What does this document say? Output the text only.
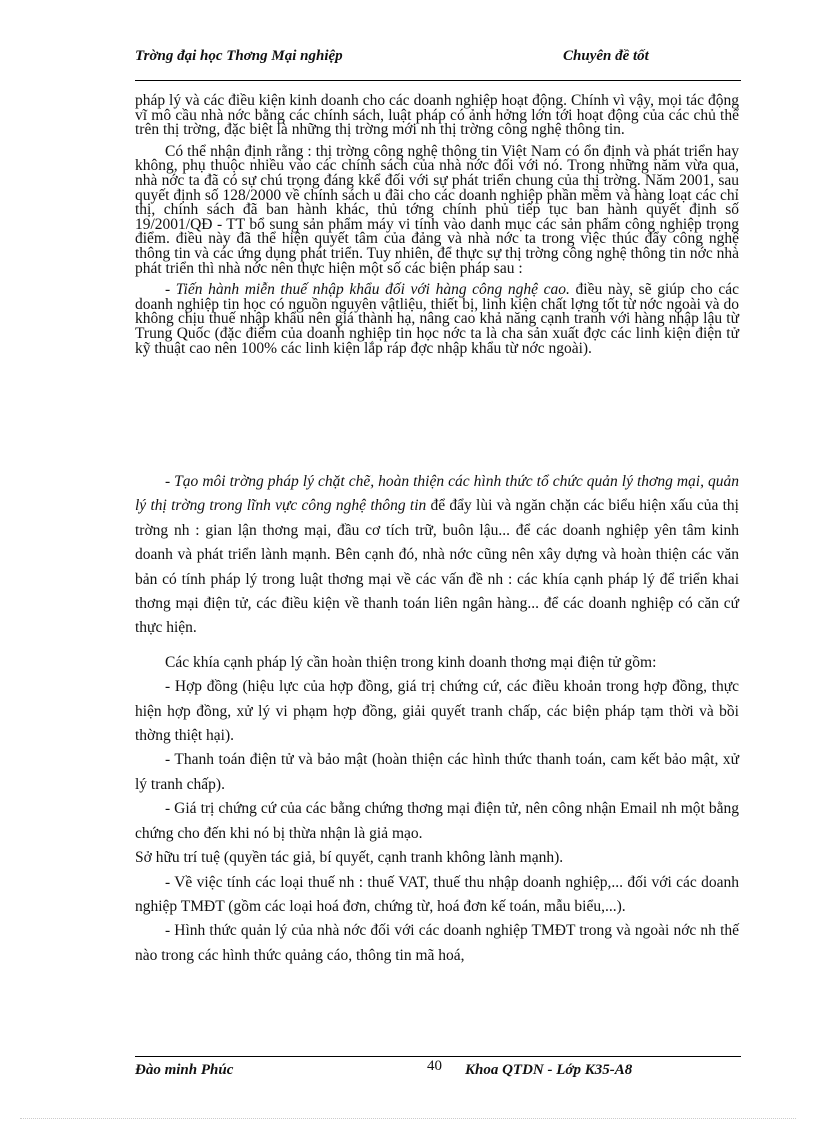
Trờng đại học Thơng Mại nghiệp	Chuyên đề tốt

pháp lý và các điều kiện kinh doanh cho các doanh nghiệp hoạt động. Chính vì vậy, mọi tác động vĩ mô cầu nhà nớc bằng các chính sách, luật pháp có ảnh hởng lớn tới hoạt động của các chủ thể trên thị trờng, đặc biệt là những thị trờng mới nh thị trờng công nghệ thông tin.

Có thể nhận định rằng : thị trờng công nghệ thông tin Việt Nam có ổn định và phát triển hay không, phụ thuộc nhiều vào các chính sách của nhà nớc đối với nó. Trong những năm vừa qua, nhà nớc ta đã có sự chú trọng đáng kkể đối với sự phát triển chung của thị trờng. Năm 2001, sau quyết định số 128/2000 về chính sách u đãi cho các doanh nghiệp phần mềm và hàng loạt các chỉ thị, chính sách đã ban hành khác, thủ tớng chính phủ tiếp tục ban hành quyết định số 19/2001/QĐ - TT bổ sung sản phẩm máy vi tính vào danh mục các sản phẩm công nghiệp trọng điểm. điều này đã thể hiện quyết tâm của đảng và nhà nớc ta trong việc thúc đẩy công nghệ thông tin và các ứng dụng phát triển. Tuy nhiên, để thực sự thị trờng công nghệ thông tin nớc nhà phát triển thì nhà nớc nên thực hiện một số các biện pháp sau :

- Tiến hành miễn thuế nhập khẩu đối với hàng công nghệ cao. điều này, sẽ giúp cho các doanh nghiệp tin học có nguồn nguyên vậtliệu, thiết bị, linh kiện chất lợng tốt từ nớc ngoài và do không chịu thuế nhập khẩu nên giá thành hạ, nâng cao khả năng cạnh tranh với hàng nhập lậu từ Trung Quốc (đặc điểm của doanh nghiệp tin học nớc ta là cha sản xuất đợc các linh kiện điện tử kỹ thuật cao nên 100% các linh kiện lắp ráp đợc nhập khẩu từ nớc ngoài).

- Tạo môi trờng pháp lý chặt chẽ, hoàn thiện các hình thức tổ chức quản lý thơng mại, quản lý thị trờng trong lĩnh vực công nghệ thông tin để đẩy lùi và ngăn chặn các biểu hiện xấu của thị trờng nh : gian lận thơng mại, đầu cơ tích trữ, buôn lậu... để các doanh nghiệp yên tâm kinh doanh và phát triển lành mạnh. Bên cạnh đó, nhà nớc cũng nên xây dựng và hoàn thiện các văn bản có tính pháp lý trong luật thơng mại về các vấn đề nh : các khía cạnh pháp lý để triển khai thơng mại điện tử, các điều kiện về thanh toán liên ngân hàng... để các doanh nghiệp có căn cứ thực hiện.

Các khía cạnh pháp lý cần hoàn thiện trong kinh doanh thơng mại điện tử gồm:

- Hợp đồng (hiệu lực của hợp đồng, giá trị chứng cứ, các điều khoản trong hợp đồng, thực hiện hợp đồng, xử lý vi phạm hợp đồng, giải quyết tranh chấp, các biện pháp tạm thời và bồi thờng thiệt hại).

- Thanh toán điện tử và bảo mật (hoàn thiện các hình thức thanh toán, cam kết bảo mật, xử lý tranh chấp).

- Giá trị chứng cứ của các bằng chứng thơng mại điện tử, nên công nhận Email nh một bằng chứng cho đến khi nó bị thừa nhận là giả mạo.

Sở hữu trí tuệ (quyền tác giả, bí quyết, cạnh tranh không lành mạnh).

- Về việc tính các loại thuế nh : thuế VAT, thuế thu nhập doanh nghiệp,... đối với các doanh nghiệp TMĐT (gồm các loại hoá đơn, chứng từ, hoá đơn kế toán, mẫu biểu,...).

- Hình thức quản lý của nhà nớc đối với các doanh nghiệp TMĐT trong và ngoài nớc nh thế nào trong các hình thức quảng cáo, thông tin mã hoá,

Đào minh Phúc	40 Khoa QTDN - Lớp K35-A8
